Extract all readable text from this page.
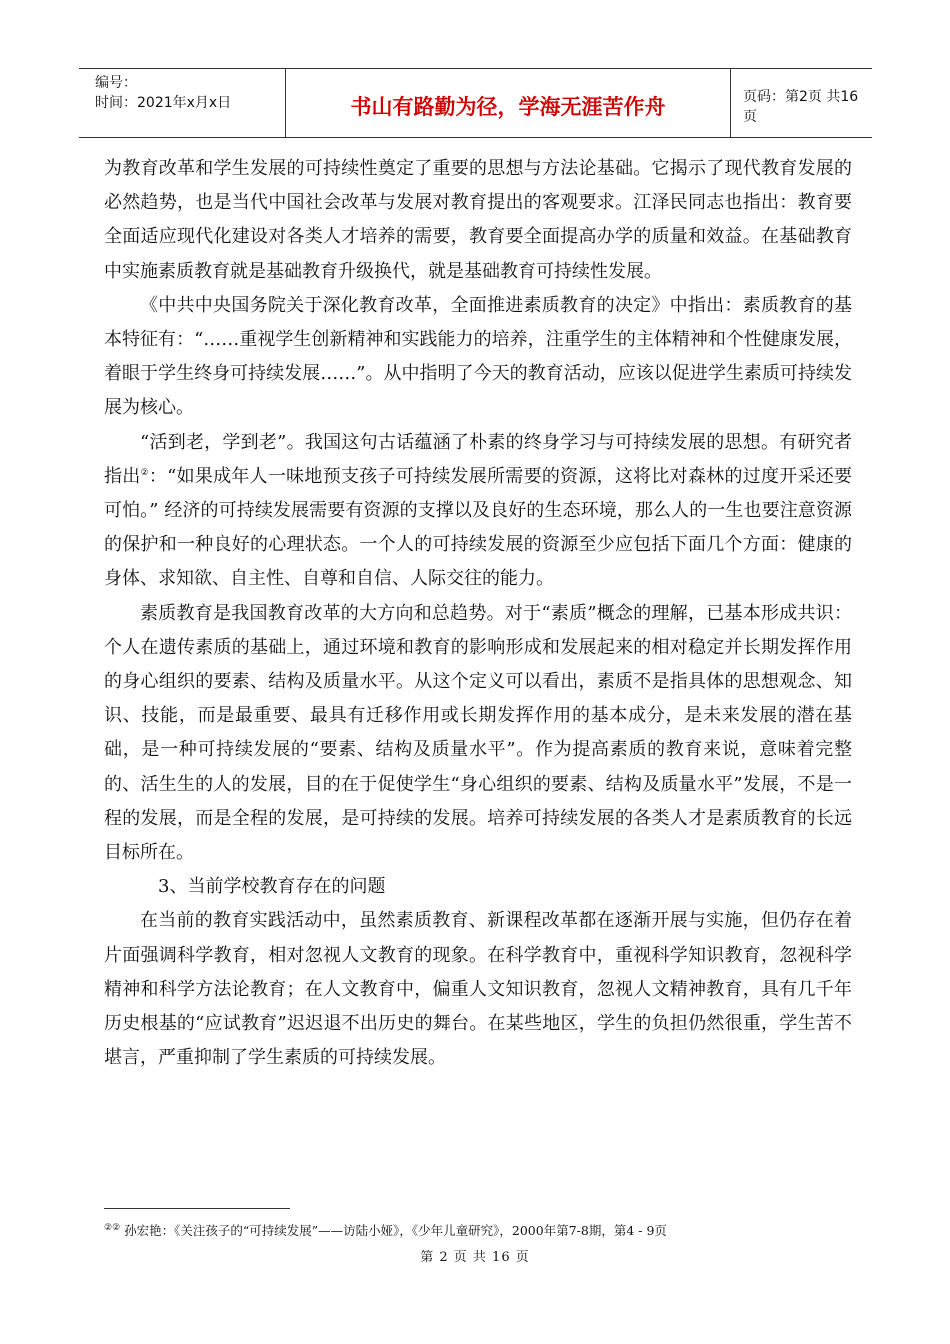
编号：
时间：2021年x月x日	书山有路勤为径，学海无涯苦作舟	页码：第2页 共16页

为教育改革和学生发展的可持续性奠定了重要的思想与方法论基础。它揭示了现代教育发展的必然趋势，也是当代中国社会改革与发展对教育提出的客观要求。江泽民同志也指出：教育要全面适应现代化建设对各类人才培养的需要，教育要全面提高办学的质量和效益。在基础教育中实施素质教育就是基础教育升级换代，就是基础教育可持续性发展。

《中共中央国务院关于深化教育改革，全面推进素质教育的决定》中指出：素质教育的基本特征有：“……重视学生创新精神和实践能力的培养，注重学生的主体精神和个性健康发展，着眼于学生终身可持续发展……”。从中指明了今天的教育活动，应该以促进学生素质可持续发展为核心。

“活到老，学到老”。我国这句古话蕴涵了朴素的终身学习与可持续发展的思想。有研究者指出②：“如果成年人一味地预支孩子可持续发展所需要的资源，这将比对森林的过度开采还要可怕。” 经济的可持续发展需要有资源的支撑以及良好的生态环境，那么人的一生也要注意资源的保护和一种良好的心理状态。一个人的可持续发展的资源至少应包括下面几个方面：健康的身体、求知欲、自主性、自尊和自信、人际交往的能力。

素质教育是我国教育改革的大方向和总趋势。对于“素质”概念的理解，已基本形成共识：个人在遗传素质的基础上，通过环境和教育的影响形成和发展起来的相对稳定并长期发挥作用的身心组织的要素、结构及质量水平。从这个定义可以看出，素质不是指具体的思想观念、知识、技能，而是最重要、最具有迁移作用或长期发挥作用的基本成分，是未来发展的潜在基础，是一种可持续发展的“要素、结构及质量水平”。作为提高素质的教育来说，意味着完整的、活生生的人的发展，目的在于促使学生“身心组织的要素、结构及质量水平”发展，不是一程的发展，而是全程的发展，是可持续的发展。培养可持续发展的各类人才是素质教育的长远目标所在。

3、当前学校教育存在的问题

在当前的教育实践活动中，虽然素质教育、新课程改革都在逐渐开展与实施，但仍存在着片面强调科学教育，相对忽视人文教育的现象。在科学教育中，重视科学知识教育，忽视科学精神和科学方法论教育；在人文教育中，偏重人文知识教育，忽视人文精神教育，具有几千年历史根基的“应试教育”迟迟退不出历史的舞台。在某些地区，学生的负担仍然很重，学生苦不堪言，严重抑制了学生素质的可持续发展。

②② 孙宏艳：《关注孩子的“可持续发展”——访陆小娅》，《少年儿童研究》，2000年第7-8期，第4 - 9页
第 2 页 共 16 页
